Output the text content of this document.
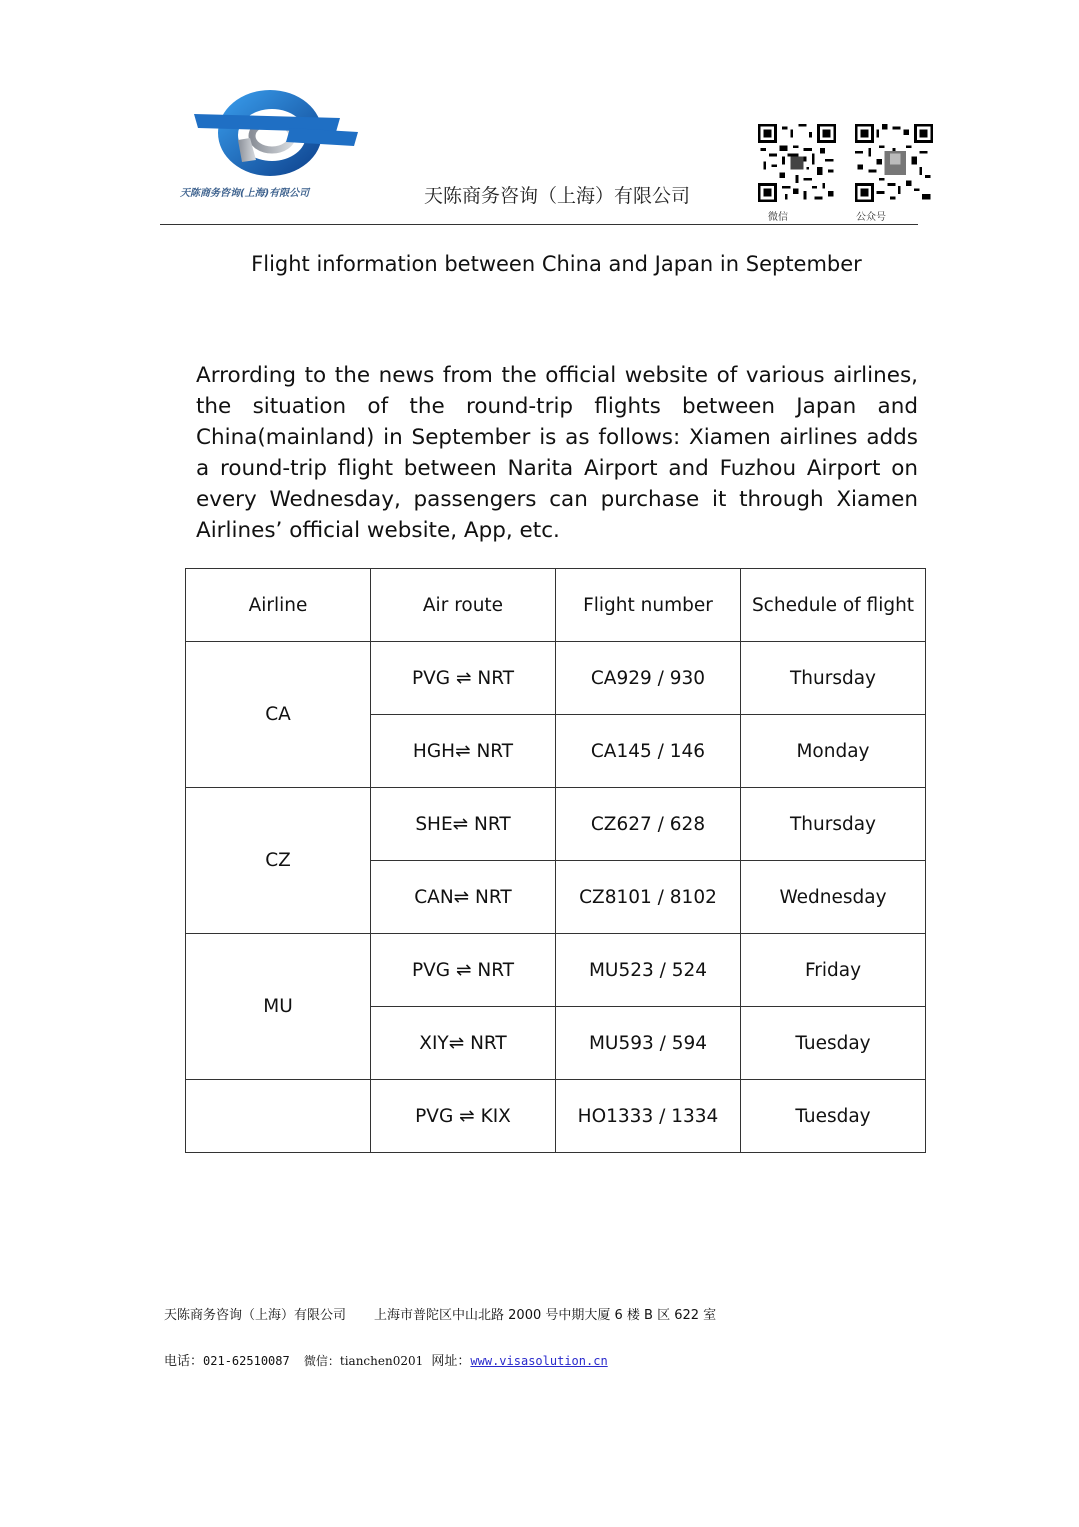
天陈商务咨询(上海)有限公司	天陈商务咨询（上海）有限公司
微信	公众号
Flight information between China and Japan in September
Arrording to the news from the official website of various airlines, the situation of the round-trip flights between Japan and China(mainland) in September is as follows: Xiamen airlines adds a round-trip flight between Narita Airport and Fuzhou Airport on every Wednesday, passengers can purchase it through Xiamen Airlines’ official website, App, etc.
Airline	Air route	Flight number	Schedule of flight
CA	PVG ⇌ NRT	CA929 / 930	Thursday
	HGH⇌ NRT	CA145 / 146	Monday
CZ	SHE⇌ NRT	CZ627 / 628	Thursday
	CAN⇌ NRT	CZ8101 / 8102	Wednesday
MU	PVG ⇌ NRT	MU523 / 524	Friday
	XIY⇌ NRT	MU593 / 594	Tuesday
	PVG ⇌ KIX	HO1333 / 1334	Tuesday
天陈商务咨询（上海）有限公司 上海市普陀区中山北路 2000 号中期大厦 6 楼 B 区 622 室
电话：021-62510087 微信：tianchen0201 网址：www.visasolution.cn
